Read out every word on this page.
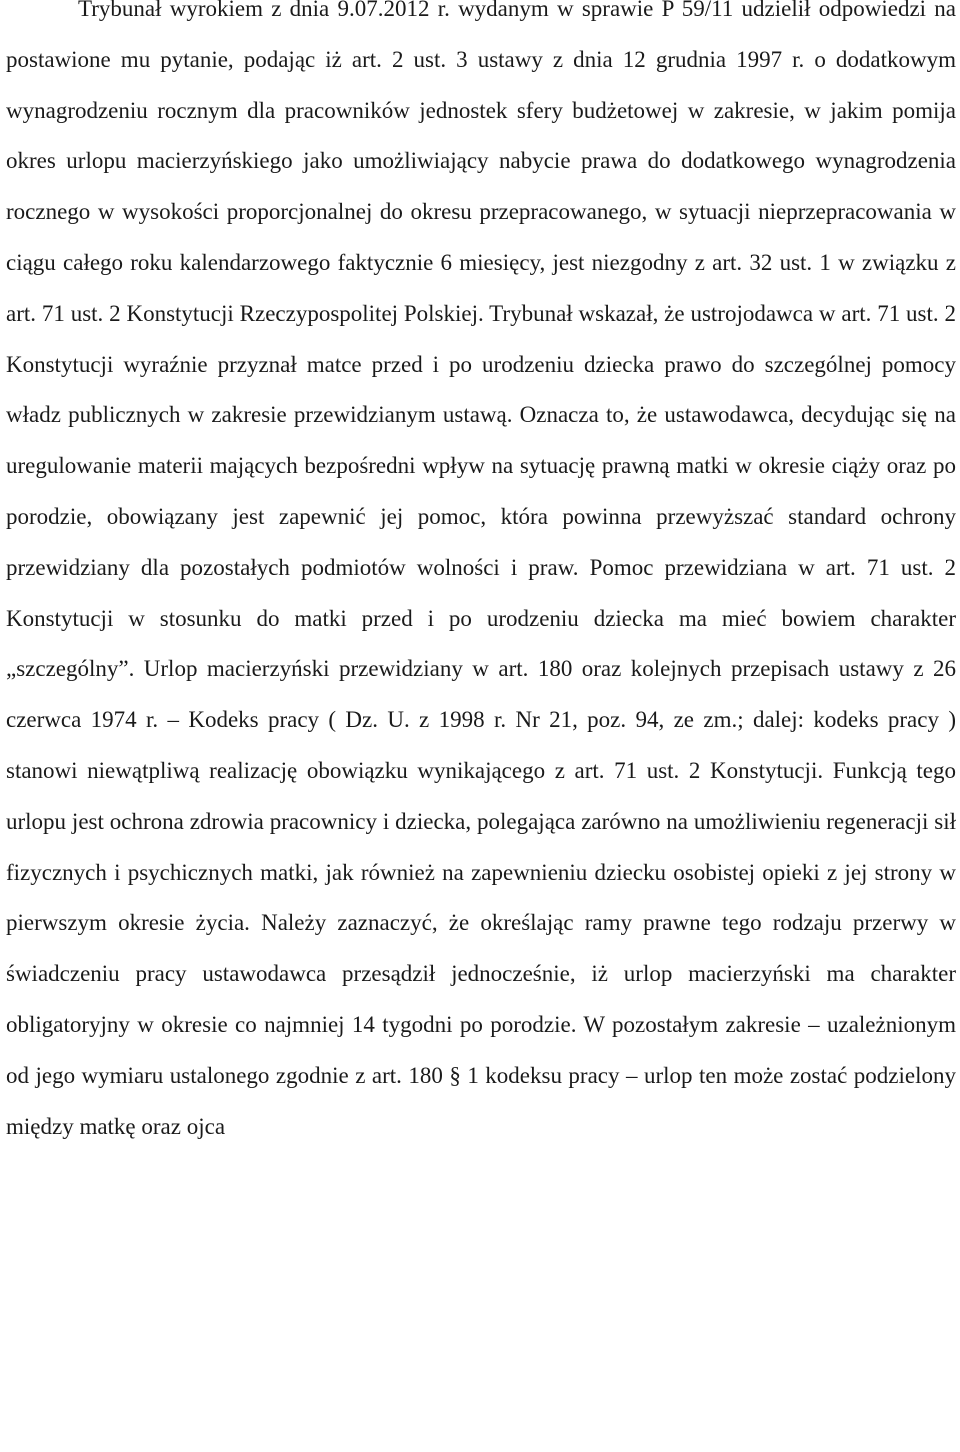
Trybunał wyrokiem z dnia 9.07.2012 r. wydanym w sprawie P 59/11 udzielił odpowiedzi na postawione mu pytanie, podając iż art. 2 ust. 3 ustawy z dnia 12 grudnia 1997 r. o dodatkowym wynagrodzeniu rocznym dla pracowników jednostek sfery budżetowej w zakresie, w jakim pomija okres urlopu macierzyńskiego jako umożliwiający nabycie prawa do dodatkowego wynagrodzenia rocznego w wysokości proporcjonalnej do okresu przepracowanego, w sytuacji nieprzepracowania w ciągu całego roku kalendarzowego faktycznie 6 miesięcy, jest niezgodny z art. 32 ust. 1 w związku z art. 71 ust. 2 Konstytucji Rzeczypospolitej Polskiej. Trybunał wskazał, że ustrojodawca w art. 71 ust. 2 Konstytucji wyraźnie przyznał matce przed i po urodzeniu dziecka prawo do szczególnej pomocy władz publicznych w zakresie przewidzianym ustawą. Oznacza to, że ustawodawca, decydując się na uregulowanie materii mających bezpośredni wpływ na sytuację prawną matki w okresie ciąży oraz po porodzie, obowiązany jest zapewnić jej pomoc, która powinna przewyższać standard ochrony przewidziany dla pozostałych podmiotów wolności i praw. Pomoc przewidziana w art. 71 ust. 2 Konstytucji w stosunku do matki przed i po urodzeniu dziecka ma mieć bowiem charakter „szczególny”. Urlop macierzyński przewidziany w art. 180 oraz kolejnych przepisach ustawy z 26 czerwca 1974 r. – Kodeks pracy ( Dz. U. z 1998 r. Nr 21, poz. 94, ze zm.; dalej: kodeks pracy ) stanowi niewątpliwą realizację obowiązku wynikającego z art. 71 ust. 2 Konstytucji. Funkcją tego urlopu jest ochrona zdrowia pracownicy i dziecka, polegająca zarówno na umożliwieniu regeneracji sił fizycznych i psychicznych matki, jak również na zapewnieniu dziecku osobistej opieki z jej strony w pierwszym okresie życia. Należy zaznaczyć, że określając ramy prawne tego rodzaju przerwy w świadczeniu pracy ustawodawca przesądził jednocześnie, iż urlop macierzyński ma charakter obligatoryjny w okresie co najmniej 14 tygodni po porodzie. W pozostałym zakresie – uzależnionym od jego wymiaru ustalonego zgodnie z art. 180 § 1 kodeksu pracy – urlop ten może zostać podzielony między matkę oraz ojca
